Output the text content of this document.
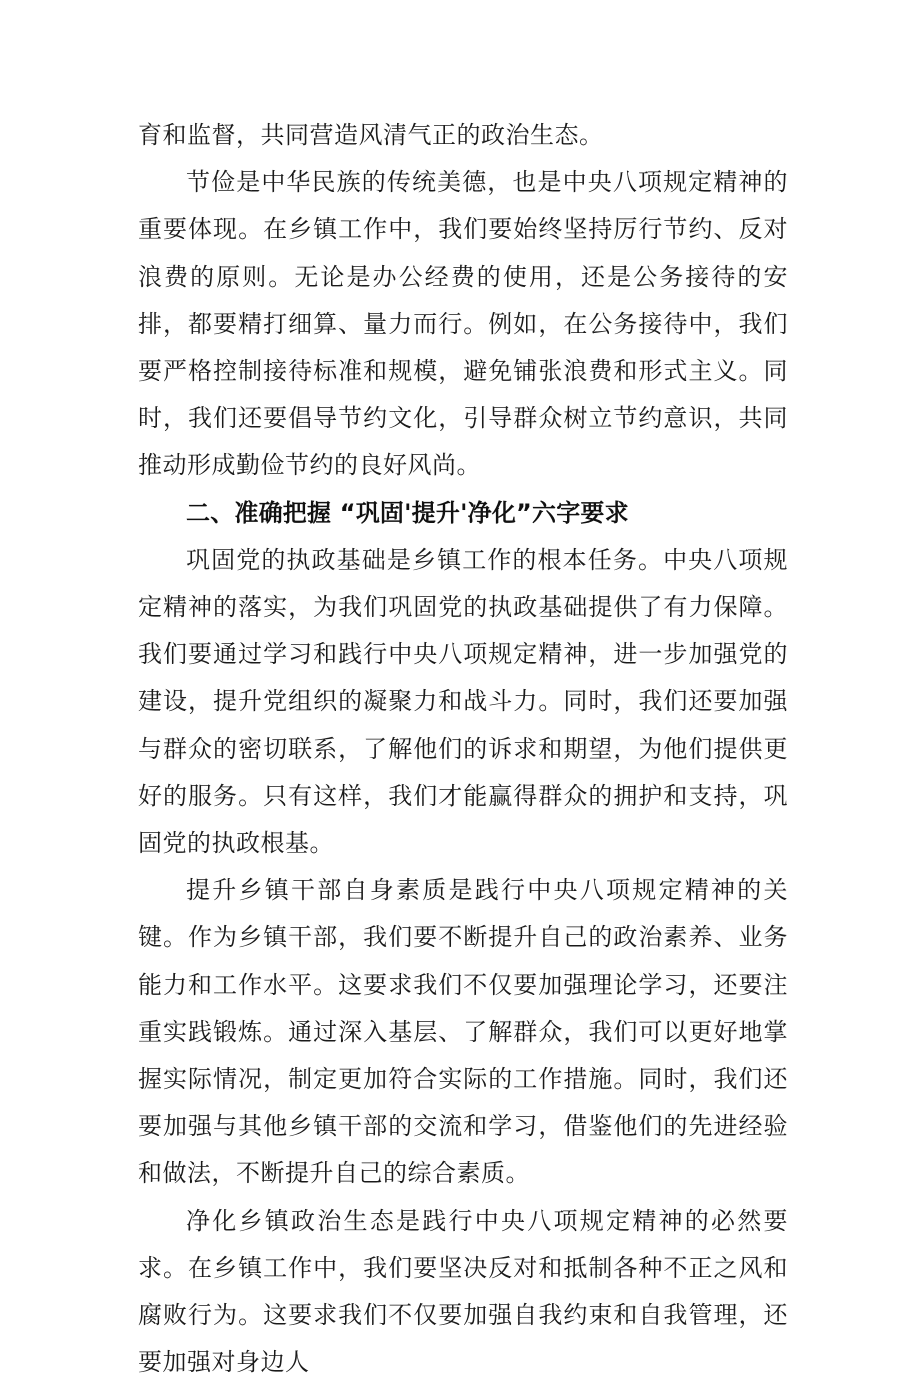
育和监督，共同营造风清气正的政治生态。

节俭是中华民族的传统美德，也是中央八项规定精神的重要体现。在乡镇工作中，我们要始终坚持厉行节约、反对浪费的原则。无论是办公经费的使用，还是公务接待的安排，都要精打细算、量力而行。例如，在公务接待中，我们要严格控制接待标准和规模，避免铺张浪费和形式主义。同时，我们还要倡导节约文化，引导群众树立节约意识，共同推动形成勤俭节约的良好风尚。

二、准确把握 “巩固'提升'净化”六字要求

巩固党的执政基础是乡镇工作的根本任务。中央八项规定精神的落实，为我们巩固党的执政基础提供了有力保障。我们要通过学习和践行中央八项规定精神，进一步加强党的建设，提升党组织的凝聚力和战斗力。同时，我们还要加强与群众的密切联系，了解他们的诉求和期望，为他们提供更好的服务。只有这样，我们才能赢得群众的拥护和支持，巩固党的执政根基。

提升乡镇干部自身素质是践行中央八项规定精神的关键。作为乡镇干部，我们要不断提升自己的政治素养、业务能力和工作水平。这要求我们不仅要加强理论学习，还要注重实践锻炼。通过深入基层、了解群众，我们可以更好地掌握实际情况，制定更加符合实际的工作措施。同时，我们还要加强与其他乡镇干部的交流和学习，借鉴他们的先进经验和做法，不断提升自己的综合素质。

净化乡镇政治生态是践行中央八项规定精神的必然要求。在乡镇工作中，我们要坚决反对和抵制各种不正之风和腐败行为。这要求我们不仅要加强自我约束和自我管理，还要加强对身边人
